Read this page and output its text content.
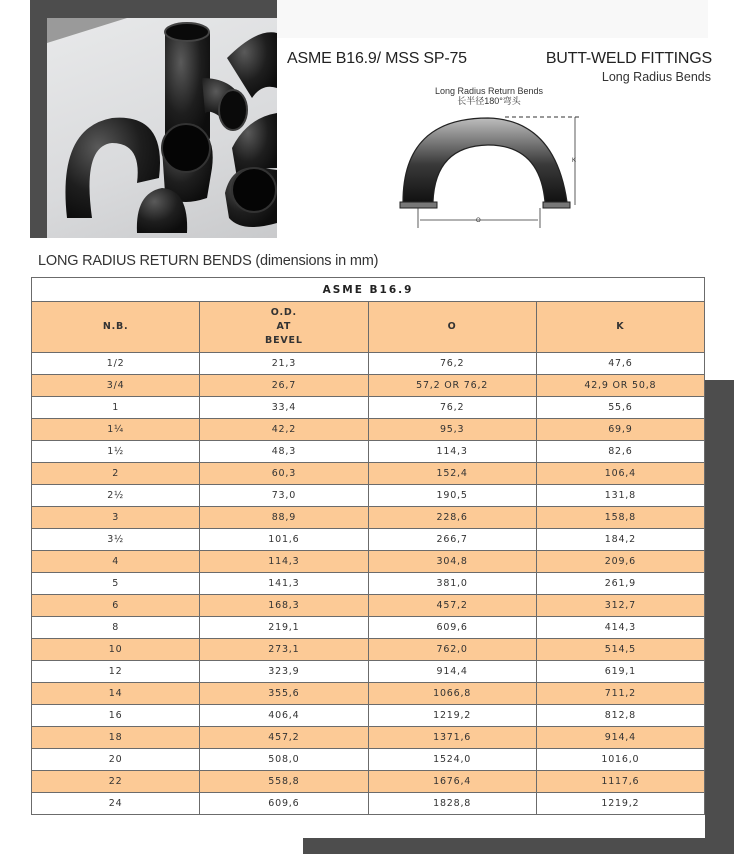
ASME B16.9/ MSS SP-75	BUTT-WELD FITTINGS
Long Radius Bends
Long Radius Return Bends
长半径180°弯头
K
O
LONG RADIUS RETURN BENDS (dimensions in mm)
ASME B16.9			
N.B.	O.D.
AT
BEVEL	O	K
1/2	21,3	76,2	47,6
3/4	26,7	57,2 OR 76,2	42,9 OR 50,8
1	33,4	76,2	55,6
1¼	42,2	95,3	69,9
1½	48,3	114,3	82,6
2	60,3	152,4	106,4
2½	73,0	190,5	131,8
3	88,9	228,6	158,8
3½	101,6	266,7	184,2
4	114,3	304,8	209,6
5	141,3	381,0	261,9
6	168,3	457,2	312,7
8	219,1	609,6	414,3
10	273,1	762,0	514,5
12	323,9	914,4	619,1
14	355,6	1066,8	711,2
16	406,4	1219,2	812,8
18	457,2	1371,6	914,4
20	508,0	1524,0	1016,0
22	558,8	1676,4	1117,6
24	609,6	1828,8	1219,2
